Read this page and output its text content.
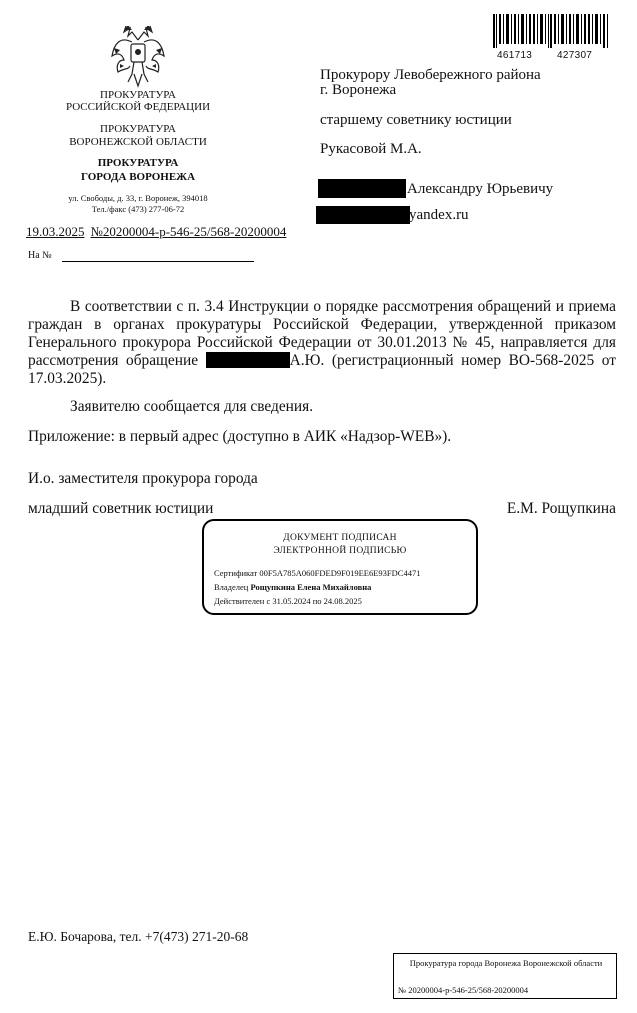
461713 427307
ПРОКУРАТУРА
РОССИЙСКОЙ ФЕДЕРАЦИИ
ПРОКУРАТУРА
ВОРОНЕЖСКОЙ ОБЛАСТИ
ПРОКУРАТУРА
ГОРОДА ВОРОНЕЖА
ул. Свободы, д. 33, г. Воронеж, 394018
Тел./факс (473) 277-06-72
Прокурору Левобережного района
г. Воронежа
старшему советнику юстиции
Рукасовой М.А.
Александру Юрьевичу
yandex.ru
19.03.2025 №20200004-р-546-25/568-20200004
На №
В соответствии с п. 3.4 Инструкции о порядке рассмотрения обращений и приема граждан в органах прокуратуры Российской Федерации, утвержденной приказом Генерального прокурора Российской Федерации от 30.01.2013 № 45, направляется для рассмотрения обращение	А.Ю. (регистрационный номер ВО-568-2025 от 17.03.2025).
Заявителю сообщается для сведения.
Приложение: в первый адрес (доступно в АИК «Надзор-WEB»).
И.о. заместителя прокурора города
младший советник юстиции	Е.М. Рощупкина
ДОКУМЕНТ ПОДПИСАН
ЭЛЕКТРОННОЙ ПОДПИСЬЮ
Сертификат 00F5A785A060FDED9F019EE6E93FDC4471
Владелец Рощупкина Елена Михайловна
Действителен с 31.05.2024 по 24.08.2025
Е.Ю. Бочарова, тел. +7(473) 271-20-68
Прокуратура города Воронежа Воронежской области
№ 20200004-р-546-25/568-20200004
